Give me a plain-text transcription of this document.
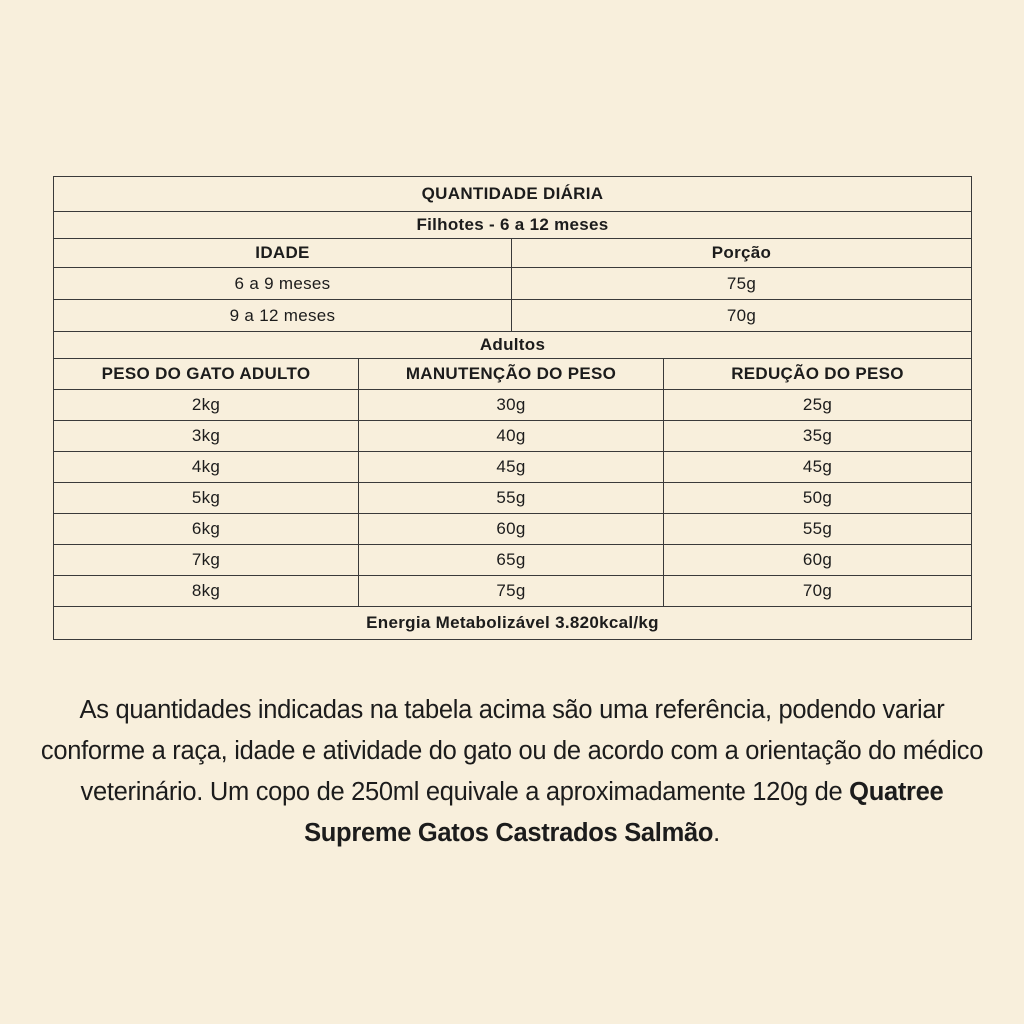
QUANTIDADE DIÁRIA			
Filhotes - 6 a 12 meses			
IDADE		Porção	
6 a 9 meses		75g	
9 a 12 meses		70g	
Adultos			
PESO DO GATO ADULTO	MANUTENÇÃO DO PESO		REDUÇÃO DO PESO
2kg	30g		25g
3kg	40g		35g
4kg	45g		45g
5kg	55g		50g
6kg	60g		55g
7kg	65g		60g
8kg	75g		70g
Energia Metabolizável 3.820kcal/kg			

As quantidades indicadas na tabela acima são uma referência, podendo variar conforme a raça, idade e atividade do gato ou de acordo com a orientação do médico veterinário. Um copo de 250ml equivale a aproximadamente 120g de Quatree Supreme Gatos Castrados Salmão.
